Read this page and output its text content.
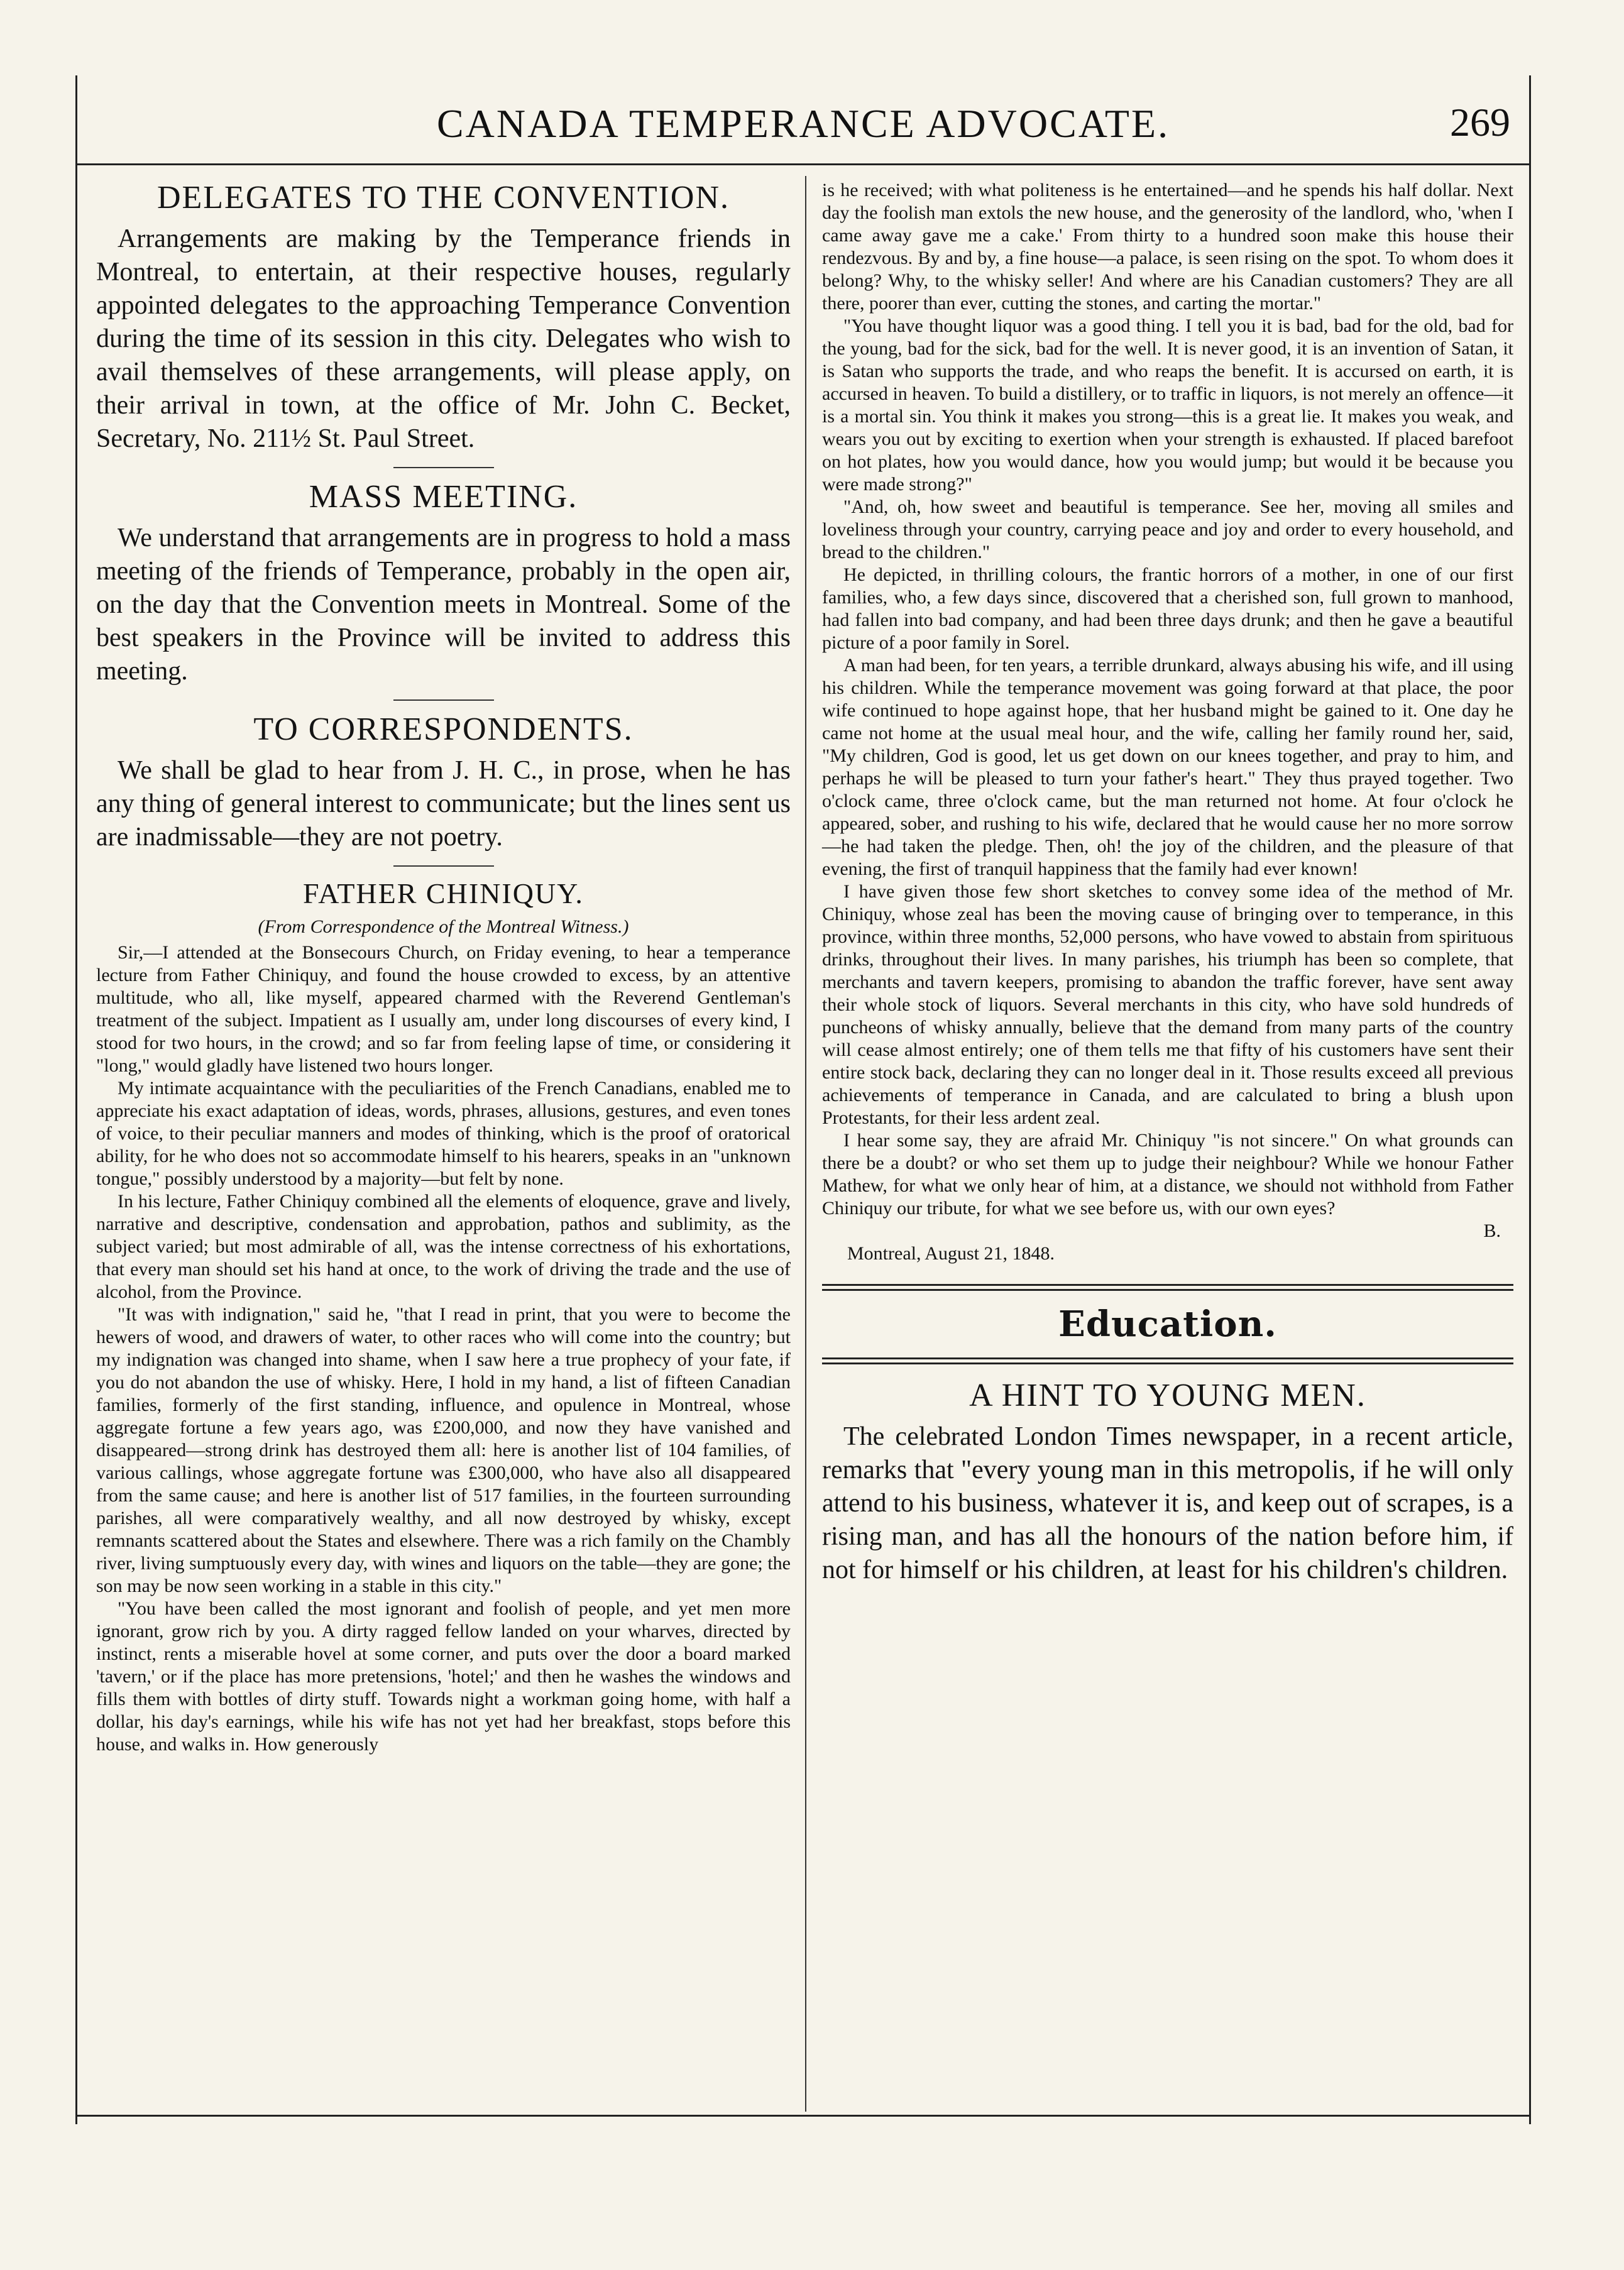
CANADA TEMPERANCE ADVOCATE.	269
DELEGATES TO THE CONVENTION.

Arrangements are making by the Temperance friends in Montreal, to entertain, at their respective houses, regularly appointed delegates to the approaching Temperance Convention during the time of its session in this city. Delegates who wish to avail themselves of these arrangements, will please apply, on their arrival in town, at the office of Mr. John C. Becket, Secretary, No. 211½ St. Paul Street.

MASS MEETING.

We understand that arrangements are in progress to hold a mass meeting of the friends of Temperance, probably in the open air, on the day that the Convention meets in Montreal. Some of the best speakers in the Province will be invited to address this meeting.

TO CORRESPONDENTS.

We shall be glad to hear from J. H. C., in prose, when he has any thing of general interest to communicate; but the lines sent us are inadmissable—they are not poetry.

FATHER CHINIQUY.
(From Correspondence of the Montreal Witness.)

Sir,—I attended at the Bonsecours Church, on Friday evening, to hear a temperance lecture from Father Chiniquy, and found the house crowded to excess, by an attentive multitude, who all, like myself, appeared charmed with the Reverend Gentleman's treatment of the subject. Impatient as I usually am, under long discourses of every kind, I stood for two hours, in the crowd; and so far from feeling lapse of time, or considering it "long," would gladly have listened two hours longer.

My intimate acquaintance with the peculiarities of the French Canadians, enabled me to appreciate his exact adaptation of ideas, words, phrases, allusions, gestures, and even tones of voice, to their peculiar manners and modes of thinking, which is the proof of oratorical ability, for he who does not so accommodate himself to his hearers, speaks in an "unknown tongue," possibly understood by a majority—but felt by none.

In his lecture, Father Chiniquy combined all the elements of eloquence, grave and lively, narrative and descriptive, condensation and approbation, pathos and sublimity, as the subject varied; but most admirable of all, was the intense correctness of his exhortations, that every man should set his hand at once, to the work of driving the trade and the use of alcohol, from the Province.

"It was with indignation," said he, "that I read in print, that you were to become the hewers of wood, and drawers of water, to other races who will come into the country; but my indignation was changed into shame, when I saw here a true prophecy of your fate, if you do not abandon the use of whisky. Here, I hold in my hand, a list of fifteen Canadian families, formerly of the first standing, influence, and opulence in Montreal, whose aggregate fortune a few years ago, was £200,000, and now they have vanished and disappeared—strong drink has destroyed them all: here is another list of 104 families, of various callings, whose aggregate fortune was £300,000, who have also all disappeared from the same cause; and here is another list of 517 families, in the fourteen surrounding parishes, all were comparatively wealthy, and all now destroyed by whisky, except remnants scattered about the States and elsewhere. There was a rich family on the Chambly river, living sumptuously every day, with wines and liquors on the table—they are gone; the son may be now seen working in a stable in this city."

"You have been called the most ignorant and foolish of people, and yet men more ignorant, grow rich by you. A dirty ragged fellow landed on your wharves, directed by instinct, rents a miserable hovel at some corner, and puts over the door a board marked 'tavern,' or if the place has more pretensions, 'hotel;' and then he washes the windows and fills them with bottles of dirty stuff. Towards night a workman going home, with half a dollar, his day's earnings, while his wife has not yet had her breakfast, stops before this house, and walks in. How generously

is he received; with what politeness is he entertained—and he spends his half dollar. Next day the foolish man extols the new house, and the generosity of the landlord, who, 'when I came away gave me a cake.' From thirty to a hundred soon make this house their rendezvous. By and by, a fine house—a palace, is seen rising on the spot. To whom does it belong? Why, to the whisky seller! And where are his Canadian customers? They are all there, poorer than ever, cutting the stones, and carting the mortar."

"You have thought liquor was a good thing. I tell you it is bad, bad for the old, bad for the young, bad for the sick, bad for the well. It is never good, it is an invention of Satan, it is Satan who supports the trade, and who reaps the benefit. It is accursed on earth, it is accursed in heaven. To build a distillery, or to traffic in liquors, is not merely an offence—it is a mortal sin. You think it makes you strong—this is a great lie. It makes you weak, and wears you out by exciting to exertion when your strength is exhausted. If placed barefoot on hot plates, how you would dance, how you would jump; but would it be because you were made strong?"

"And, oh, how sweet and beautiful is temperance. See her, moving all smiles and loveliness through your country, carrying peace and joy and order to every household, and bread to the children."

He depicted, in thrilling colours, the frantic horrors of a mother, in one of our first families, who, a few days since, discovered that a cherished son, full grown to manhood, had fallen into bad company, and had been three days drunk; and then he gave a beautiful picture of a poor family in Sorel.

A man had been, for ten years, a terrible drunkard, always abusing his wife, and ill using his children. While the temperance movement was going forward at that place, the poor wife continued to hope against hope, that her husband might be gained to it. One day he came not home at the usual meal hour, and the wife, calling her family round her, said, "My children, God is good, let us get down on our knees together, and pray to him, and perhaps he will be pleased to turn your father's heart." They thus prayed together. Two o'clock came, three o'clock came, but the man returned not home. At four o'clock he appeared, sober, and rushing to his wife, declared that he would cause her no more sorrow—he had taken the pledge. Then, oh! the joy of the children, and the pleasure of that evening, the first of tranquil happiness that the family had ever known!

I have given those few short sketches to convey some idea of the method of Mr. Chiniquy, whose zeal has been the moving cause of bringing over to temperance, in this province, within three months, 52,000 persons, who have vowed to abstain from spirituous drinks, throughout their lives. In many parishes, his triumph has been so complete, that merchants and tavern keepers, promising to abandon the traffic forever, have sent away their whole stock of liquors. Several merchants in this city, who have sold hundreds of puncheons of whisky annually, believe that the demand from many parts of the country will cease almost entirely; one of them tells me that fifty of his customers have sent their entire stock back, declaring they can no longer deal in it. Those results exceed all previous achievements of temperance in Canada, and are calculated to bring a blush upon Protestants, for their less ardent zeal.

I hear some say, they are afraid Mr. Chiniquy "is not sincere." On what grounds can there be a doubt? or who set them up to judge their neighbour? While we honour Father Mathew, for what we only hear of him, at a distance, we should not withhold from Father Chiniquy our tribute, for what we see before us, with our own eyes?

B.
Montreal, August 21, 1848.
Education.
A HINT TO YOUNG MEN.

The celebrated London Times newspaper, in a recent article, remarks that "every young man in this metropolis, if he will only attend to his business, whatever it is, and keep out of scrapes, is a rising man, and has all the honours of the nation before him, if not for himself or his children, at least for his children's children.
